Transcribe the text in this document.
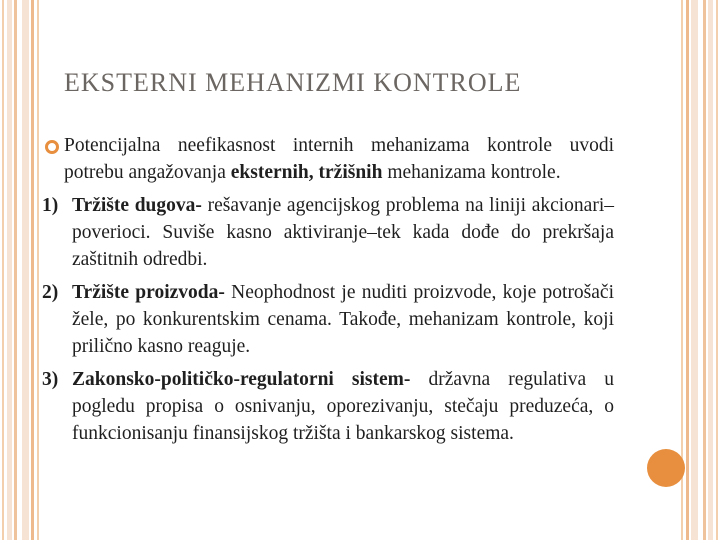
EKSTERNI MEHANIZMI KONTROLE

Potencijalna neefikasnost internih mehanizama kontrole uvodi potrebu angažovanja eksternih, tržišnih mehanizama kontrole.

1) Tržište dugova- rešavanje agencijskog problema na liniji akcionari–poverioci. Suviše kasno aktiviranje–tek kada dođe do prekršaja zaštitnih odredbi.

2) Tržište proizvoda- Neophodnost je nuditi proizvode, koje potrošači žele, po konkurentskim cenama. Takođe, mehanizam kontrole, koji prilično kasno reaguje.

3) Zakonsko-političko-regulatorni sistem- državna regulativa u pogledu propisa o osnivanju, oporezivanju, stečaju preduzeća, o funkcionisanju finansijskog tržišta i bankarskog sistema.
